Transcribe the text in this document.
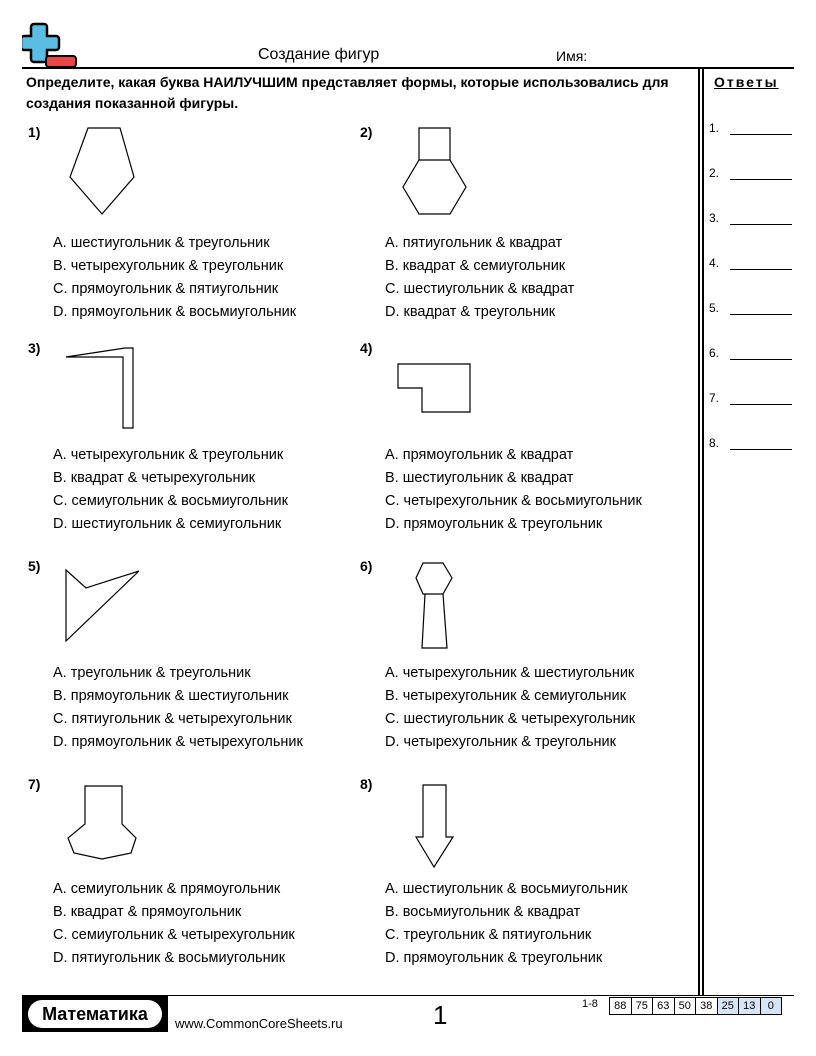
Создание фигур	Имя:
Определите, какая буква НАИЛУЧШИМ представляет формы, которые использовались для создания показанной фигуры.
Ответы
1.
2.
3.
4.
5.
6.
7.
8.
1)
A. шестиугольник & треугольник
B. четырехугольник & треугольник
C. прямоугольник & пятиугольник
D. прямоугольник & восьмиугольник
2)
A. пятиугольник & квадрат
B. квадрат & семиугольник
C. шестиугольник & квадрат
D. квадрат & треугольник
3)
A. четырехугольник & треугольник
B. квадрат & четырехугольник
C. семиугольник & восьмиугольник
D. шестиугольник & семиугольник
4)
A. прямоугольник & квадрат
B. шестиугольник & квадрат
C. четырехугольник & восьмиугольник
D. прямоугольник & треугольник
5)
A. треугольник & треугольник
B. прямоугольник & шестиугольник
C. пятиугольник & четырехугольник
D. прямоугольник & четырехугольник
6)
A. четырехугольник & шестиугольник
B. четырехугольник & семиугольник
C. шестиугольник & четырехугольник
D. четырехугольник & треугольник
7)
A. семиугольник & прямоугольник
B. квадрат & прямоугольник
C. семиугольник & четырехугольник
D. пятиугольник & восьмиугольник
8)
A. шестиугольник & восьмиугольник
B. восьмиугольник & квадрат
C. треугольник & пятиугольник
D. прямоугольник & треугольник
Математика	www.CommonCoreSheets.ru	1	1-8	88 75 63 50 38 25 13	0
